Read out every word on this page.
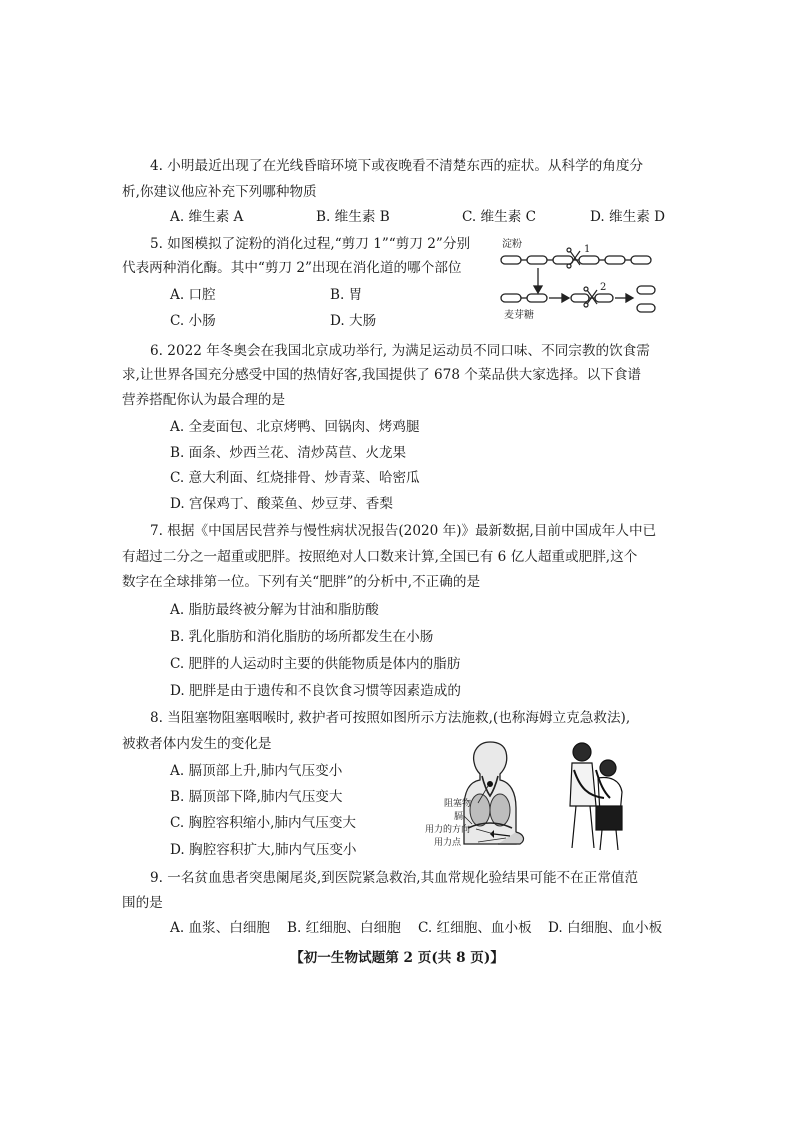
4. 小明最近出现了在光线昏暗环境下或夜晚看不清楚东西的症状。从科学的角度分
析,你建议他应补充下列哪种物质
A. 维生素 A	B. 维生素 B	C. 维生素 C	D. 维生素 D
5. 如图模拟了淀粉的消化过程,“剪刀 1”“剪刀 2”分别
代表两种消化酶。其中“剪刀 2”出现在消化道的哪个部位
A. 口腔	B. 胃
C. 小肠	D. 大肠
淀粉	1
2
麦芽糖
6. 2022 年冬奥会在我国北京成功举行, 为满足运动员不同口味、不同宗教的饮食需
求,让世界各国充分感受中国的热情好客,我国提供了 678 个菜品供大家选择。以下食谱
营养搭配你认为最合理的是
A. 全麦面包、北京烤鸭、回锅肉、烤鸡腿
B. 面条、炒西兰花、清炒莴苣、火龙果
C. 意大利面、红烧排骨、炒青菜、哈密瓜
D. 宫保鸡丁、酸菜鱼、炒豆芽、香梨
7. 根据《中国居民营养与慢性病状况报告(2020 年)》最新数据,目前中国成年人中已
有超过二分之一超重或肥胖。按照绝对人口数来计算,全国已有 6 亿人超重或肥胖,这个
数字在全球排第一位。下列有关“肥胖”的分析中,不正确的是
A. 脂肪最终被分解为甘油和脂肪酸
B. 乳化脂肪和消化脂肪的场所都发生在小肠
C. 肥胖的人运动时主要的供能物质是体内的脂肪
D. 肥胖是由于遗传和不良饮食习惯等因素造成的
8. 当阻塞物阻塞咽喉时, 救护者可按照如图所示方法施救,(也称海姆立克急救法),
被救者体内发生的变化是
A. 膈顶部上升,肺内气压变小
B. 膈顶部下降,肺内气压变大
C. 胸腔容积缩小,肺内气压变大
D. 胸腔容积扩大,肺内气压变小
阻塞物
膈
用力的方向
用力点
9. 一名贫血患者突患阑尾炎,到医院紧急救治,其血常规化验结果可能不在正常值范
围的是
A. 血浆、白细胞 B. 红细胞、白细胞 C. 红细胞、血小板 D. 白细胞、血小板
【初一生物试题第 2 页(共 8 页)】
